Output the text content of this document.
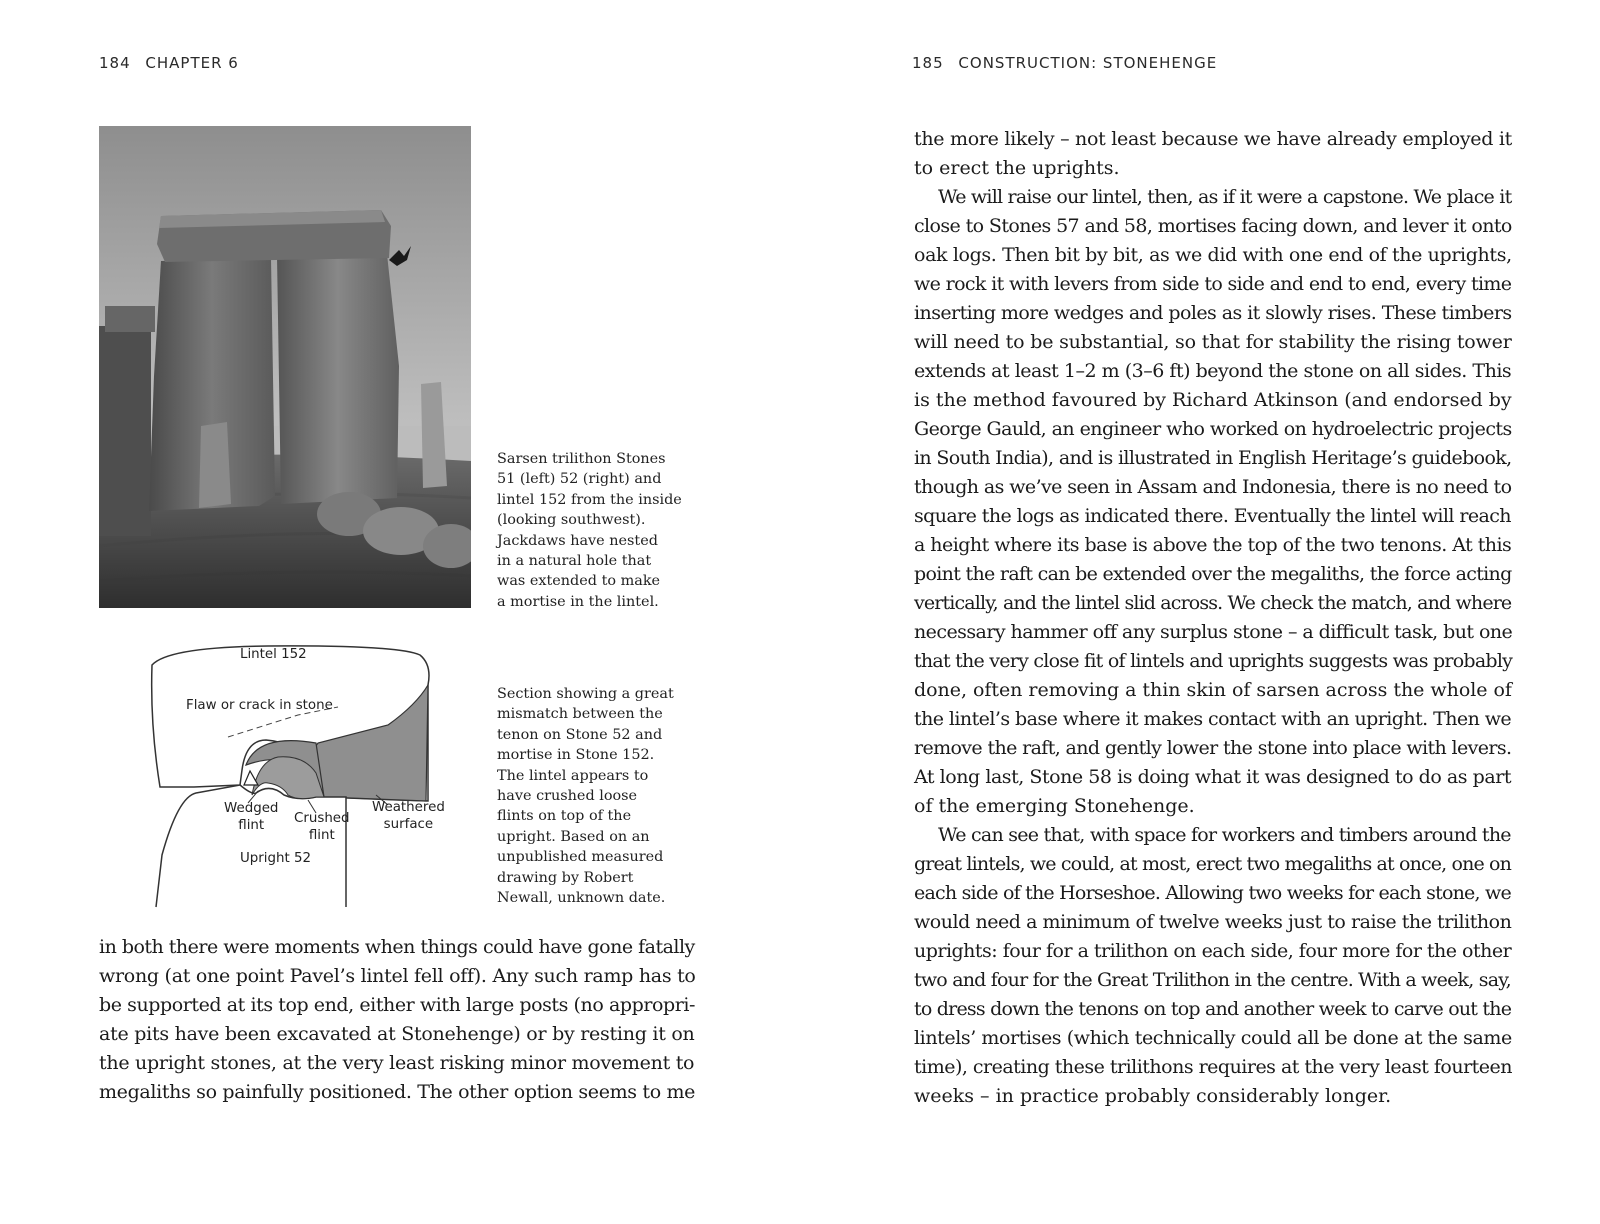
184 CHAPTER 6
Sarsen trilithon Stones
51 (left) 52 (right) and
lintel 152 from the inside
(looking southwest).
Jackdaws have nested
in a natural hole that
was extended to make
a mortise in the lintel.
Lintel 152
Flaw or crack in stone
Wedged
flint	Crushed
flint
Weathered
surface
Upright 52
Section showing a great
mismatch between the
tenon on Stone 52 and
mortise in Stone 152.
The lintel appears to
have crushed loose
flints on top of the
upright. Based on an
unpublished measured
drawing by Robert
Newall, unknown date.
in both there were moments when things could have gone fatally
wrong (at one point Pavel’s lintel fell off). Any such ramp has to
be supported at its top end, either with large posts (no appropri-
ate pits have been excavated at Stonehenge) or by resting it on
the upright stones, at the very least risking minor movement to
megaliths so painfully positioned. The other option seems to me
185 CONSTRUCTION: STONEHENGE
the more likely – not least because we have already employed it
to erect the uprights.
We will raise our lintel, then, as if it were a capstone. We place it
close to Stones 57 and 58, mortises facing down, and lever it onto
oak logs. Then bit by bit, as we did with one end of the uprights,
we rock it with levers from side to side and end to end, every time
inserting more wedges and poles as it slowly rises. These timbers
will need to be substantial, so that for stability the rising tower
extends at least 1–2 m (3–6 ft) beyond the stone on all sides. This
is the method favoured by Richard Atkinson (and endorsed by
George Gauld, an engineer who worked on hydroelectric projects
in South India), and is illustrated in English Heritage’s guidebook,
though as we’ve seen in Assam and Indonesia, there is no need to
square the logs as indicated there. Eventually the lintel will reach
a height where its base is above the top of the two tenons. At this
point the raft can be extended over the megaliths, the force acting
vertically, and the lintel slid across. We check the match, and where
necessary hammer off any surplus stone – a difficult task, but one
that the very close fit of lintels and uprights suggests was probably
done, often removing a thin skin of sarsen across the whole of
the lintel’s base where it makes contact with an upright. Then we
remove the raft, and gently lower the stone into place with levers.
At long last, Stone 58 is doing what it was designed to do as part
of the emerging Stonehenge.
We can see that, with space for workers and timbers around the
great lintels, we could, at most, erect two megaliths at once, one on
each side of the Horseshoe. Allowing two weeks for each stone, we
would need a minimum of twelve weeks just to raise the trilithon
uprights: four for a trilithon on each side, four more for the other
two and four for the Great Trilithon in the centre. With a week, say,
to dress down the tenons on top and another week to carve out the
lintels’ mortises (which technically could all be done at the same
time), creating these trilithons requires at the very least fourteen
weeks – in practice probably considerably longer.
